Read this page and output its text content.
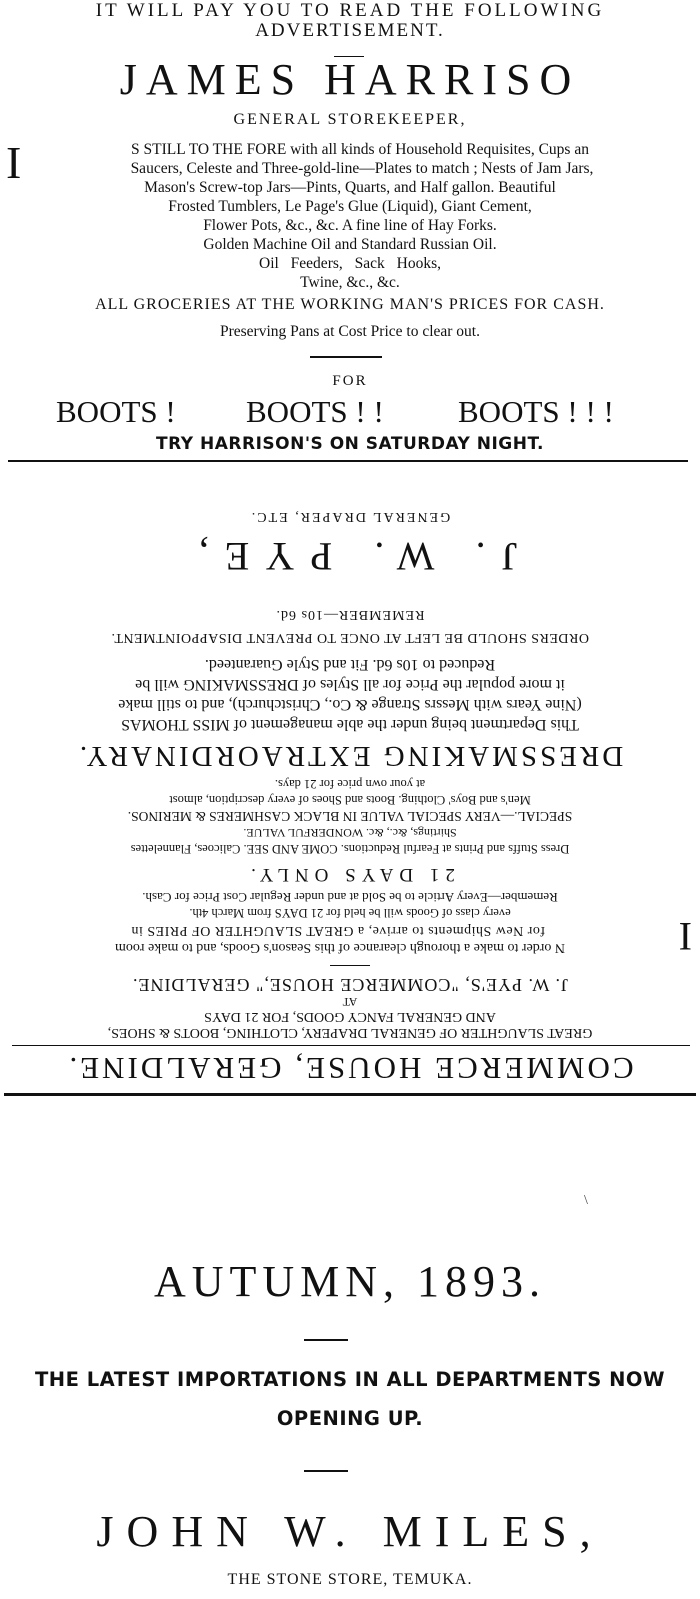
IT WILL PAY YOU TO READ THE FOLLOWING
ADVERTISEMENT.
JAMES HARRISO
GENERAL STOREKEEPER,
I	S STILL TO THE FORE with all kinds of Household Requisites, Cups an
Saucers, Celeste and Three-gold-line—Plates to match ; Nests of Jam Jars,
Mason's Screw-top Jars—Pints, Quarts, and Half gallon. Beautiful
Frosted Tumblers, Le Page's Glue (Liquid), Giant Cement,
Flower Pots, &c., &c. A fine line of Hay Forks.
Golden Machine Oil and Standard Russian Oil.
Oil Feeders, Sack Hooks,
Twine, &c., &c.
ALL GROCERIES AT THE WORKING MAN'S PRICES FOR CASH.
Preserving Pans at Cost Price to clear out.
FOR
BOOTS ! BOOTS ! ! BOOTS ! ! !
TRY HARRISON'S ON SATURDAY NIGHT.
COMMERCE HOUSE, GERALDINE.
GREAT SLAUGHTER OF GENERAL DRAPERY, CLOTHING, BOOTS & SHOES,
AND GENERAL FANCY GOODS, FOR 21 DAYS
AT
J. W. PYE'S, "COMMERCE HOUSE," GERALDINE.
I
N order to make a thorough clearance of this Season's Goods, and to make room
for New Shipments to arrive, a GREAT SLAUGHTER OF PRIES in
every class of Goods will be held for 21 DAYS from March 4th.
Remember—Every Article to be Sold at and under Regular Cost Price for Cash.
21 DAYS ONLY.
Dress Stuffs and Prints at Fearful Reductions. COME AND SEE. Calicoes, Flannelettes
Shirtings, &c., &c. WONDERFUL VALUE.
SPECIAL.—VERY SPECIAL VALUE IN BLACK CASHMERES & MERINOS.
Men's and Boys' Clothing. Boots and Shoes of every description, almost
at your own price for 21 days.
DRESSMAKING EXTRAORDINARY.
This Department being under the able management of MISS THOMAS
(Nine Years with Messrs Strange & Co., Christchurch), and to still make
it more popular the Price for all Styles of DRESSMAKING will be
Reduced to 10s 6d. Fit and Style Guaranteed.
ORDERS SHOULD BE LEFT AT ONCE TO PREVENT DISAPPOINTMENT.
REMEMBER—10s 6d.
J. W. PYE,
GENERAL DRAPER, ETC.
\
AUTUMN, 1893.
THE LATEST IMPORTATIONS IN ALL DEPARTMENTS NOW
OPENING UP.
JOHN W. MILES,
THE STONE STORE, TEMUKA.
